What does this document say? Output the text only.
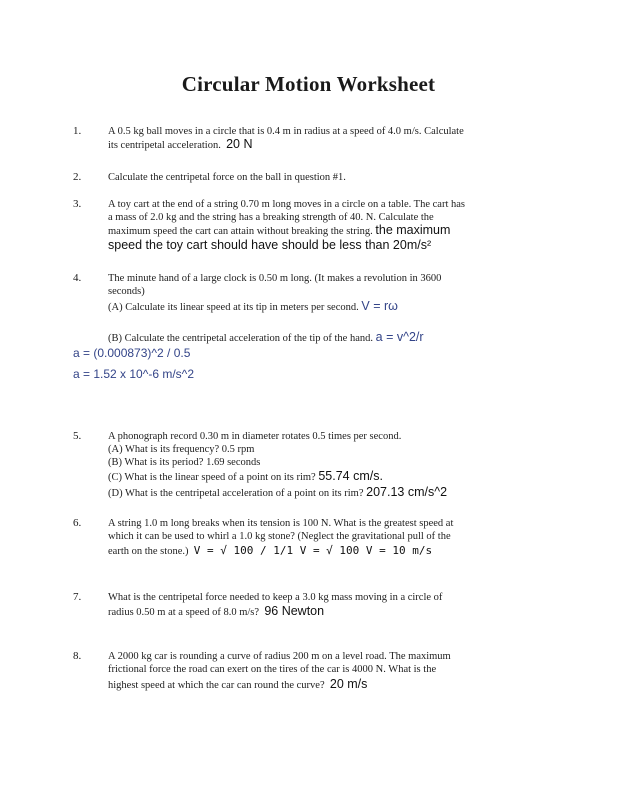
Circular Motion Worksheet
1.	A 0.5 kg ball moves in a circle that is 0.4 m in radius at a speed of 4.0 m/s. Calculate
its centripetal acceleration. 20 N
2.	Calculate the centripetal force on the ball in question #1.
3.	A toy cart at the end of a string 0.70 m long moves in a circle on a table. The cart has
a mass of 2.0 kg and the string has a breaking strength of 40. N. Calculate the
maximum speed the cart can attain without breaking the string. the maximum
speed the toy cart should have should be less than 20m/s²
4.	The minute hand of a large clock is 0.50 m long. (It makes a revolution in 3600
seconds)
(A) Calculate its linear speed at its tip in meters per second. V = rω
(B) Calculate the centripetal acceleration of the tip of the hand. a = v^2/r
a = (0.000873)^2 / 0.5
a = 1.52 x 10^-6 m/s^2
5.	A phonograph record 0.30 m in diameter rotates 0.5 times per second.
(A) What is its frequency? 0.5 rpm
(B) What is its period? 1.69 seconds
(C) What is the linear speed of a point on its rim? 55.74 cm/s.
(D) What is the centripetal acceleration of a point on its rim? 207.13 cm/s^2
6.	A string 1.0 m long breaks when its tension is 100 N. What is the greatest speed at
which it can be used to whirl a 1.0 kg stone? (Neglect the gravitational pull of the
earth on the stone.) V = √ 100 / 1/1 V = √ 100 V = 10 m/s
7.	What is the centripetal force needed to keep a 3.0 kg mass moving in a circle of
radius 0.50 m at a speed of 8.0 m/s? 96 Newton
8.	A 2000 kg car is rounding a curve of radius 200 m on a level road. The maximum
frictional force the road can exert on the tires of the car is 4000 N. What is the
highest speed at which the car can round the curve? 20 m/s
